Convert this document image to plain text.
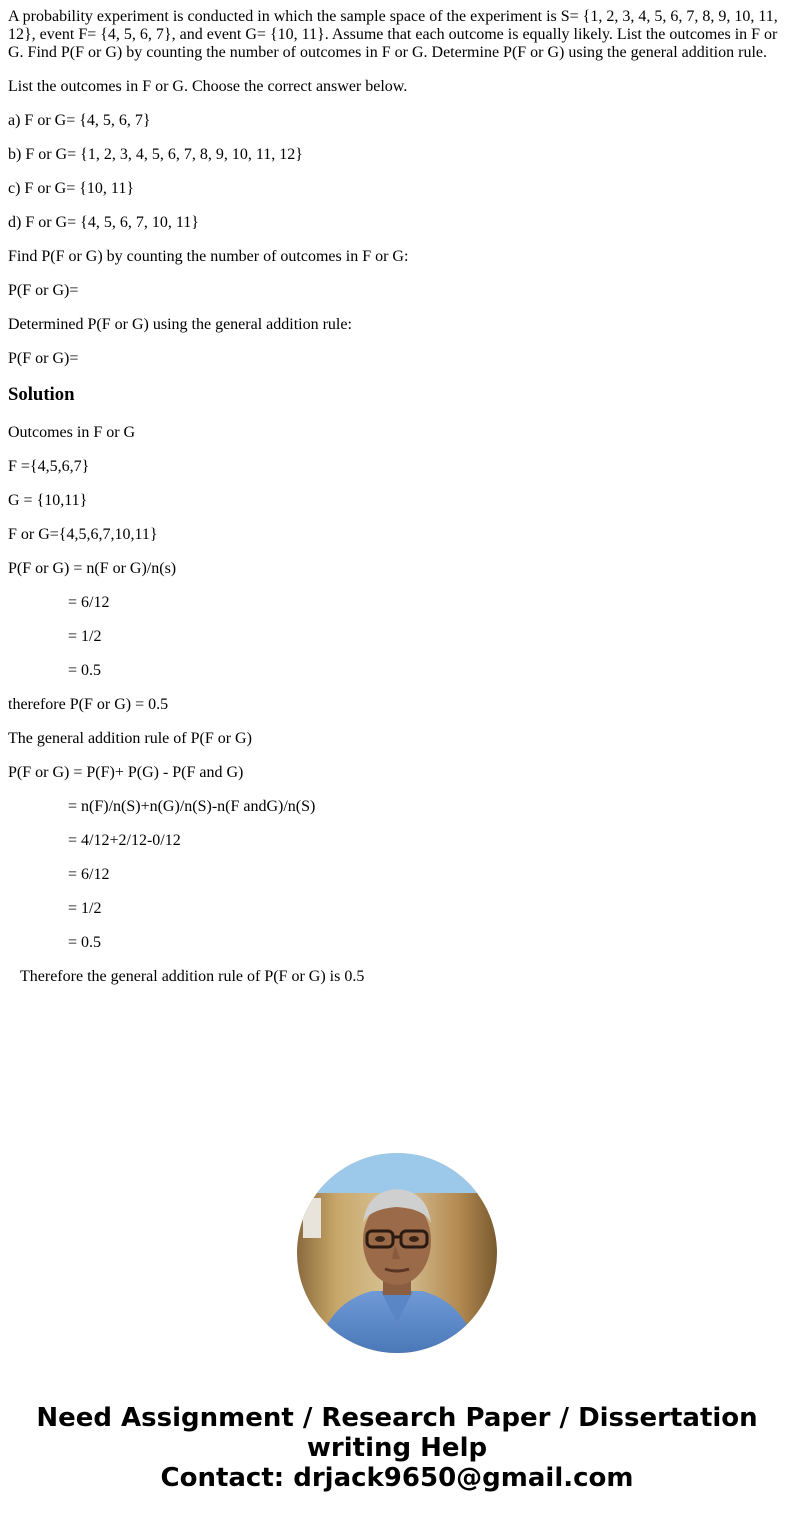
A probability experiment is conducted in which the sample space of the experiment is S= {1, 2, 3, 4, 5, 6, 7, 8, 9, 10, 11, 12}, event F= {4, 5, 6, 7}, and event G= {10, 11}. Assume that each outcome is equally likely. List the outcomes in F or G. Find P(F or G) by counting the number of outcomes in F or G. Determine P(F or G) using the general addition rule.

List the outcomes in F or G. Choose the correct answer below.

a) F or G= {4, 5, 6, 7}

b) F or G= {1, 2, 3, 4, 5, 6, 7, 8, 9, 10, 11, 12}

c) F or G= {10, 11}

d) F or G= {4, 5, 6, 7, 10, 11}

Find P(F or G) by counting the number of outcomes in F or G:

P(F or G)=

Determined P(F or G) using the general addition rule:

P(F or G)=

Solution

Outcomes in F or G

F ={4,5,6,7}

G = {10,11}

F or G={4,5,6,7,10,11}

P(F or G) = n(F or G)/n(s)

= 6/12

= 1/2

= 0.5

therefore P(F or G) = 0.5

The general addition rule of P(F or G)

P(F or G) = P(F)+ P(G) - P(F and G)

= n(F)/n(S)+n(G)/n(S)-n(F andG)/n(S)

= 4/12+2/12-0/12

= 6/12

= 1/2

= 0.5

Therefore the general addition rule of P(F or G) is 0.5

Need Assignment / Research Paper / Dissertation
writing Help
Contact: drjack9650@gmail.com
